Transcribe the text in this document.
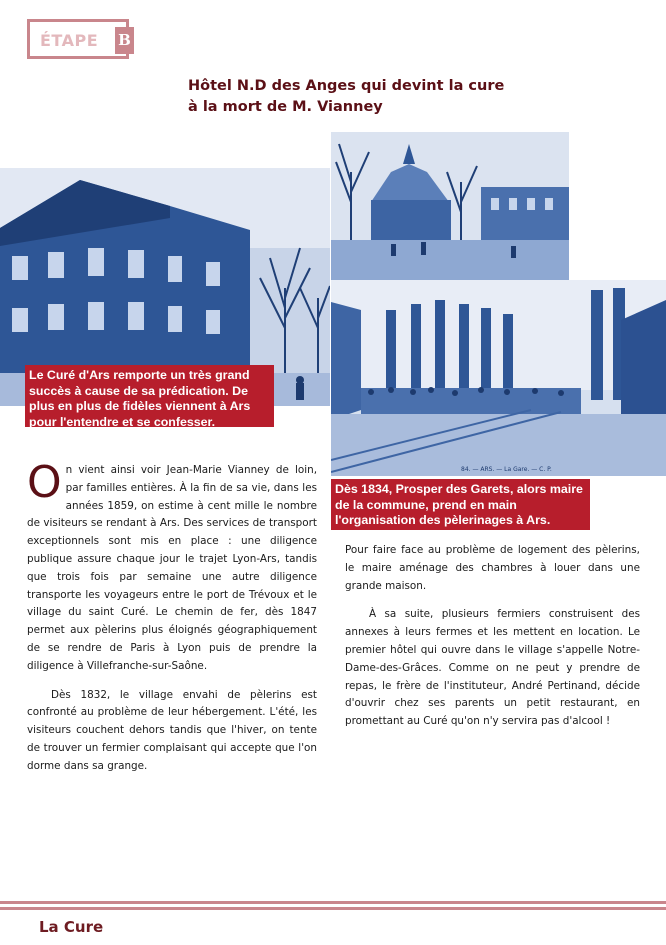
ÉTAPE B
Hôtel N.D des Anges qui devint la cure
à la mort de M. Vianney
84. — ARS. — La Gare. — C. P.
Le Curé d'Ars remporte un très grand succès à cause de sa prédication. De plus en plus de fidèles viennent à Ars pour l'entendre et se confesser.
Dès 1834, Prosper des Garets, alors maire de la commune, prend en main l'organisation des pèlerinages à Ars.

On vient ainsi voir Jean-Marie Vianney de loin, par familles entières. À la fin de sa vie, dans les années 1859, on estime à cent mille le nombre de visiteurs se rendant à Ars. Des services de transport exceptionnels sont mis en place : une diligence publique assure chaque jour le trajet Lyon-Ars, tandis que trois fois par semaine une autre diligence transporte les voyageurs entre le port de Trévoux et le village du saint Curé. Le chemin de fer, dès 1847 permet aux pèlerins plus éloignés géographiquement de se rendre de Paris à Lyon puis de prendre la diligence à Villefranche-sur-Saône.

Dès 1832, le village envahi de pèlerins est confronté au problème de leur hébergement. L'été, les visiteurs couchent dehors tandis que l'hiver, on tente de trouver un fermier complaisant qui accepte que l'on dorme dans sa grange.

Pour faire face au problème de logement des pèlerins, le maire aménage des chambres à louer dans une grande maison.

À sa suite, plusieurs fermiers construisent des annexes à leurs fermes et les mettent en location. Le premier hôtel qui ouvre dans le village s'appelle Notre-Dame-des-Grâces. Comme on ne peut y prendre de repas, le frère de l'instituteur, André Pertinand, décide d'ouvrir chez ses parents un petit restaurant, en promettant au Curé qu'on n'y servira pas d'alcool !

La Cure
